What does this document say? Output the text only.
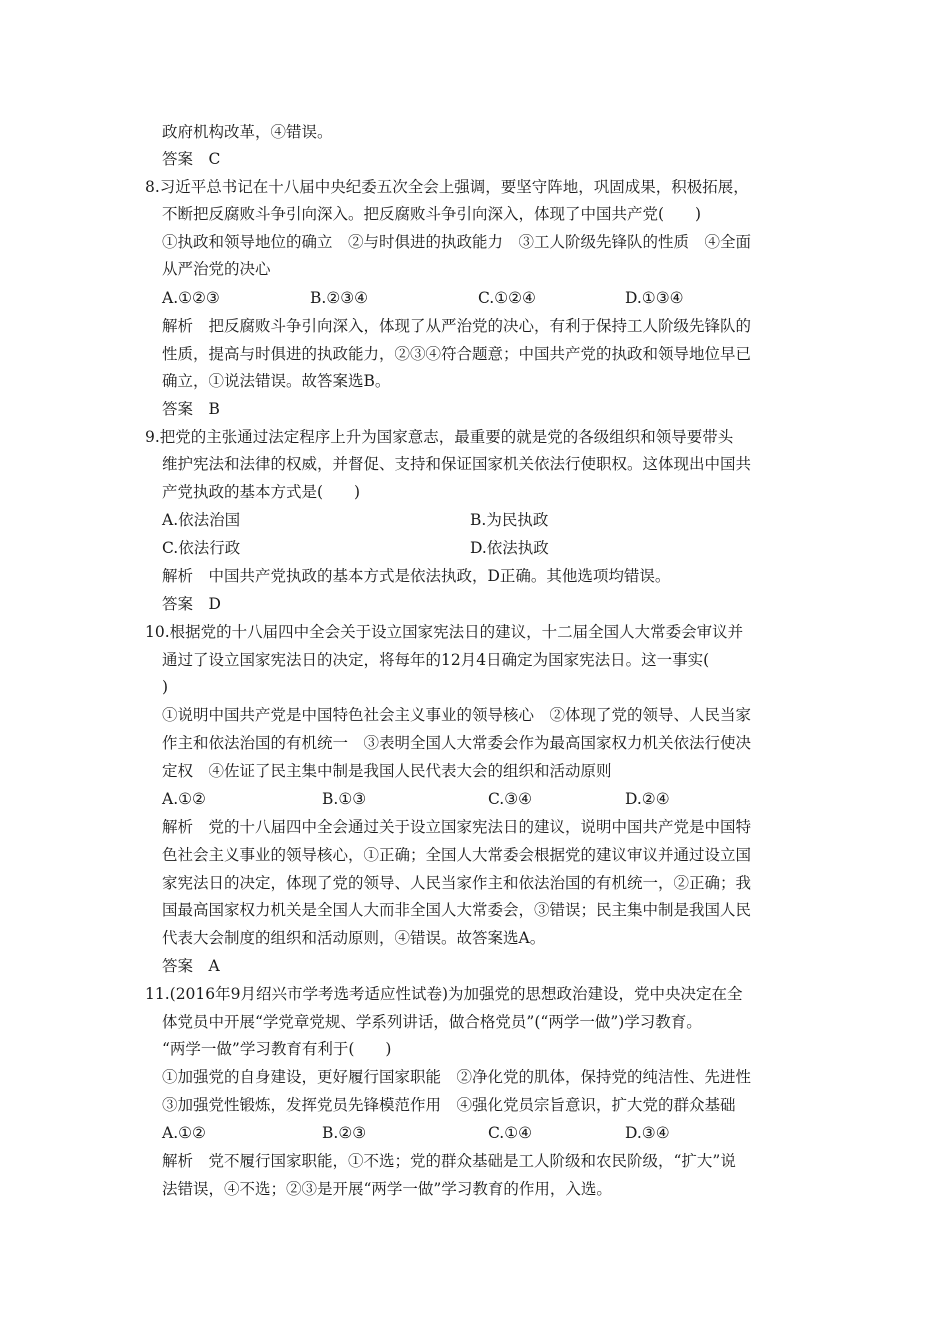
政府机构改革，④错误。
答案　C
8.习近平总书记在十八届中央纪委五次全会上强调，要坚守阵地，巩固成果，积极拓展，
不断把反腐败斗争引向深入。把反腐败斗争引向深入，体现了中国共产党(　　)
①执政和领导地位的确立　②与时俱进的执政能力　③工人阶级先锋队的性质　④全面
从严治党的决心
A.①②③	B.②③④	C.①②④	D.①③④
解析　把反腐败斗争引向深入，体现了从严治党的决心，有利于保持工人阶级先锋队的
性质，提高与时俱进的执政能力，②③④符合题意；中国共产党的执政和领导地位早已
确立，①说法错误。故答案选B。
答案　B
9.把党的主张通过法定程序上升为国家意志，最重要的就是党的各级组织和领导要带头
维护宪法和法律的权威，并督促、支持和保证国家机关依法行使职权。这体现出中国共
产党执政的基本方式是(　　)
A.依法治国	B.为民执政
C.依法行政	D.依法执政
解析　中国共产党执政的基本方式是依法执政，D正确。其他选项均错误。
答案　D
10.根据党的十八届四中全会关于设立国家宪法日的建议，十二届全国人大常委会审议并
通过了设立国家宪法日的决定，将每年的12月4日确定为国家宪法日。这一事实(
)
①说明中国共产党是中国特色社会主义事业的领导核心　②体现了党的领导、人民当家
作主和依法治国的有机统一　③表明全国人大常委会作为最高国家权力机关依法行使决
定权　④佐证了民主集中制是我国人民代表大会的组织和活动原则
A.①②	B.①③	C.③④	D.②④
解析　党的十八届四中全会通过关于设立国家宪法日的建议，说明中国共产党是中国特
色社会主义事业的领导核心，①正确；全国人大常委会根据党的建议审议并通过设立国
家宪法日的决定，体现了党的领导、人民当家作主和依法治国的有机统一，②正确；我
国最高国家权力机关是全国人大而非全国人大常委会，③错误；民主集中制是我国人民
代表大会制度的组织和活动原则，④错误。故答案选A。
答案　A
11.(2016年9月绍兴市学考选考适应性试卷)为加强党的思想政治建设，党中央决定在全
体党员中开展“学党章党规、学系列讲话，做合格党员”(“两学一做”)学习教育。
“两学一做”学习教育有利于(　　)
①加强党的自身建设，更好履行国家职能　②净化党的肌体，保持党的纯洁性、先进性
③加强党性锻炼，发挥党员先锋模范作用　④强化党员宗旨意识，扩大党的群众基础
A.①②	B.②③	C.①④	D.③④
解析　党不履行国家职能，①不选；党的群众基础是工人阶级和农民阶级，“扩大”说
法错误，④不选；②③是开展“两学一做”学习教育的作用，入选。
